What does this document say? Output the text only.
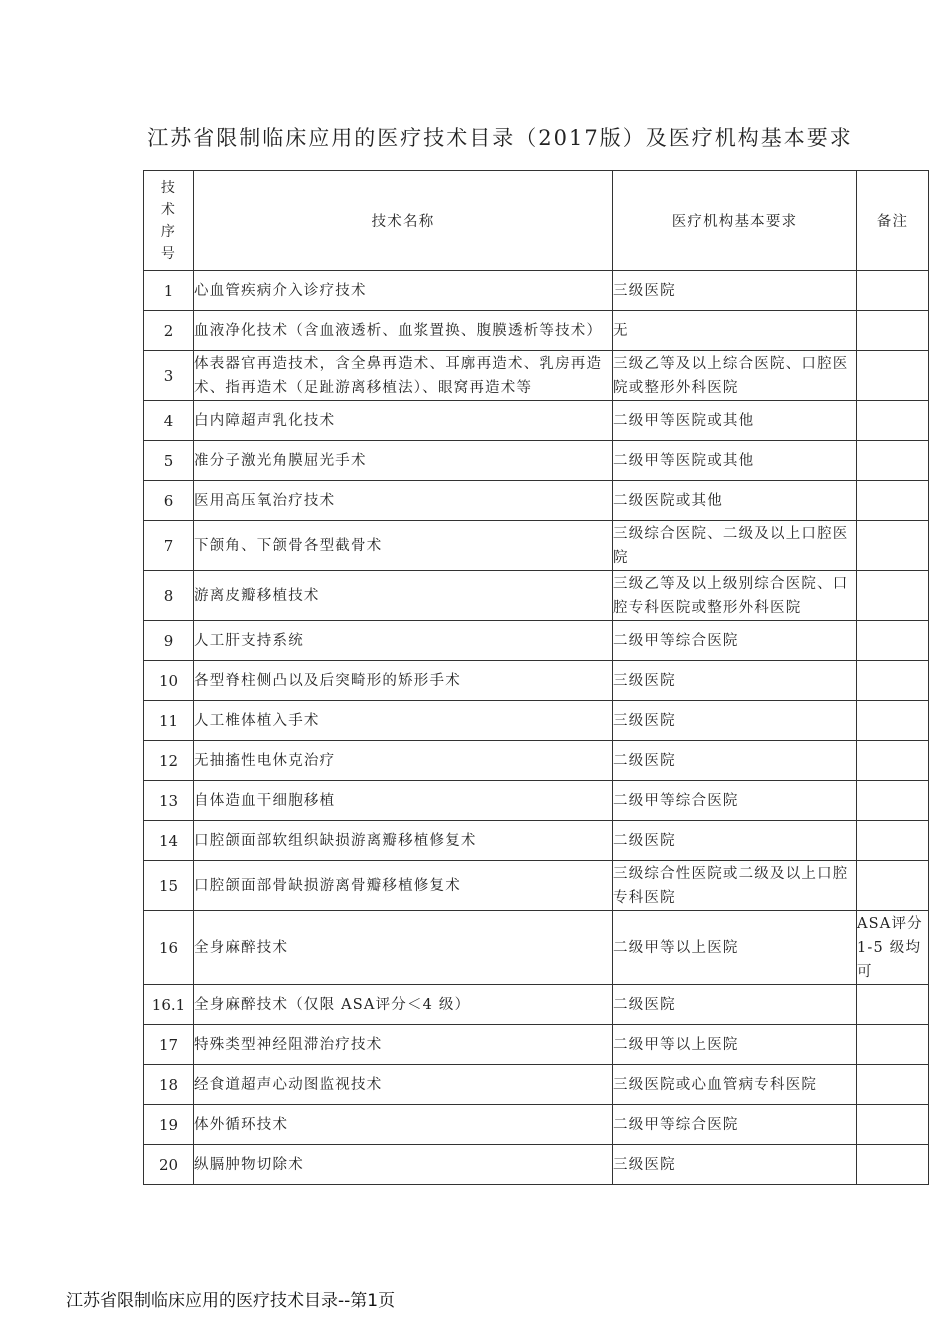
江苏省限制临床应用的医疗技术目录（2017版）及医疗机构基本要求
技
术
序
号	技术名称	医疗机构基本要求	备注
1	心血管疾病介入诊疗技术	三级医院	
2	血液净化技术（含血液透析、血浆置换、腹膜透析等技术）	无	
3	体表器官再造技术，含全鼻再造术、耳廓再造术、乳房再造术、指再造术（足趾游离移植法）、眼窝再造术等	三级乙等及以上综合医院、口腔医院或整形外科医院	
4	白内障超声乳化技术	二级甲等医院或其他	
5	准分子激光角膜屈光手术	二级甲等医院或其他	
6	医用高压氧治疗技术	二级医院或其他	
7	下颌角、下颌骨各型截骨术	三级综合医院、二级及以上口腔医院	
8	游离皮瓣移植技术	三级乙等及以上级别综合医院、口腔专科医院或整形外科医院	
9	人工肝支持系统	二级甲等综合医院	
10	各型脊柱侧凸以及后突畸形的矫形手术	三级医院	
11	人工椎体植入手术	三级医院	
12	无抽搐性电休克治疗	二级医院	
13	自体造血干细胞移植	二级甲等综合医院	
14	口腔颌面部软组织缺损游离瓣移植修复术	二级医院	
15	口腔颌面部骨缺损游离骨瓣移植修复术	三级综合性医院或二级及以上口腔专科医院	
16	全身麻醉技术	二级甲等以上医院	ASA评分 1-5 级均可
16.1	全身麻醉技术（仅限 ASA评分＜4 级）	二级医院	
17	特殊类型神经阻滞治疗技术	二级甲等以上医院	
18	经食道超声心动图监视技术	三级医院或心血管病专科医院	
19	体外循环技术	二级甲等综合医院	
20	纵膈肿物切除术	三级医院	
江苏省限制临床应用的医疗技术目录--第1页
